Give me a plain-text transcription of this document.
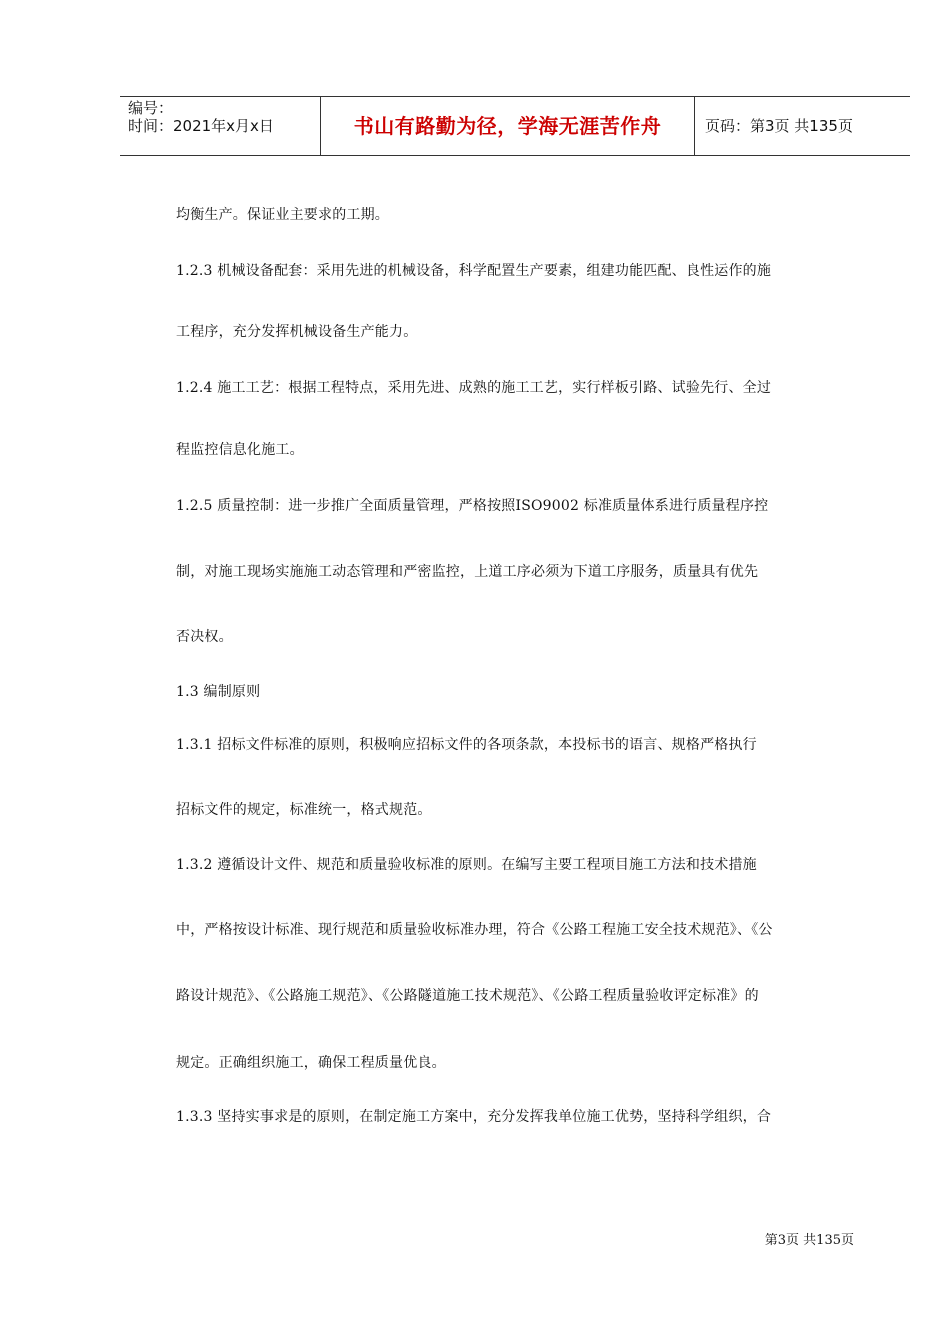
编号：
时间：2021年x月x日	书山有路勤为径，学海无涯苦作舟	页码：第3页 共135页
均衡生产。保证业主要求的工期。
1.2.3 机械设备配套：采用先进的机械设备，科学配置生产要素，组建功能匹配、良性运作的施
工程序，充分发挥机械设备生产能力。
1.2.4 施工工艺：根据工程特点，采用先进、成熟的施工工艺，实行样板引路、试验先行、全过
程监控信息化施工。
1.2.5 质量控制：进一步推广全面质量管理，严格按照ISO9002 标准质量体系进行质量程序控
制，对施工现场实施施工动态管理和严密监控，上道工序必须为下道工序服务，质量具有优先
否决权。
1.3 编制原则
1.3.1 招标文件标准的原则，积极响应招标文件的各项条款，本投标书的语言、规格严格执行
招标文件的规定，标准统一，格式规范。
1.3.2 遵循设计文件、规范和质量验收标准的原则。在编写主要工程项目施工方法和技术措施
中，严格按设计标准、现行规范和质量验收标准办理，符合《公路工程施工安全技术规范》、《公
路设计规范》、《公路施工规范》、《公路隧道施工技术规范》、《公路工程质量验收评定标准》的
规定。正确组织施工，确保工程质量优良。
1.3.3 坚持实事求是的原则，在制定施工方案中，充分发挥我单位施工优势，坚持科学组织，合
第3页 共135页
